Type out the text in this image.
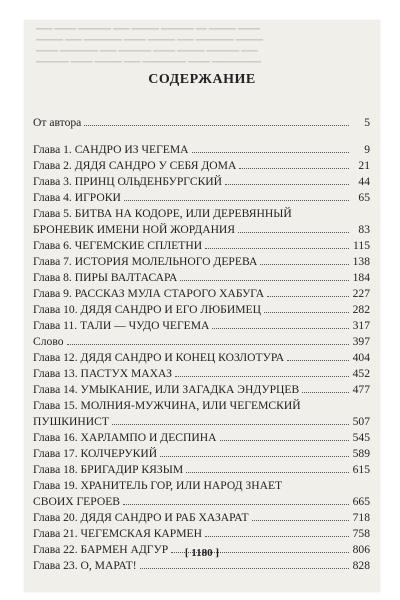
━━━ ━━━━ ━━━━━━ ━━━ ━━━━━ ━━━━━━ ━━ ━━━━━ ━━━━
━━━━━ ━━━ ━━━━━━━ ━━━━ ━━━━━ ━━━ ━━━━━━━ ━━━━━
━━━━ ━━━━━━━ ━━━ ━━━━━━ ━━━━ ━━━━━ ━━━━━━ ━━━
━━━━━━ ━━━━ ━━━━━ ━━━ ━━━━━━━━ ━━━━ ━━━━━━━━━
СОДЕРЖАНИЕ
От автора	5
Глава 1. САНДРО ИЗ ЧЕГЕМА	9
Глава 2. ДЯДЯ САНДРО У СЕБЯ ДОМА	21
Глава 3. ПРИНЦ ОЛЬДЕНБУРГСКИЙ	44
Глава 4. ИГРОКИ	65
Глава 5. БИТВА НА КОДОРЕ, ИЛИ ДЕРЕВЯННЫЙ
БРОНЕВИК ИМЕНИ НОЙ ЖОРДАНИЯ	83
Глава 6. ЧЕГЕМСКИЕ СПЛЕТНИ	115
Глава 7. ИСТОРИЯ МОЛЕЛЬНОГО ДЕРЕВА	138
Глава 8. ПИРЫ ВАЛТАСАРА	184
Глава 9. РАССКАЗ МУЛА СТАРОГО ХАБУГА	227
Глава 10. ДЯДЯ САНДРО И ЕГО ЛЮБИМЕЦ	282
Глава 11. ТАЛИ — ЧУДО ЧЕГЕМА	317
Слово	397
Глава 12. ДЯДЯ САНДРО И КОНЕЦ КОЗЛОТУРА	404
Глава 13. ПАСТУХ МАХАЗ	452
Глава 14. УМЫКАНИЕ, ИЛИ ЗАГАДКА ЭНДУРЦЕВ	477
Глава 15. МОЛНИЯ-МУЖЧИНА, ИЛИ ЧЕГЕМСКИЙ
ПУШКИНИСТ	507
Глава 16. ХАРЛАМПО И ДЕСПИНА	545
Глава 17. КОЛЧЕРУКИЙ	589
Глава 18. БРИГАДИР КЯЗЫМ	615
Глава 19. ХРАНИТЕЛЬ ГОР, ИЛИ НАРОД ЗНАЕТ
СВОИХ ГЕРОЕВ	665
Глава 20. ДЯДЯ САНДРО И РАБ ХАЗАРАТ	718
Глава 21. ЧЕГЕМСКАЯ КАРМЕН	758
Глава 22. БАРМЕН АДГУР	806
Глава 23. О, МАРАТ!	828
[ 1180 ]
